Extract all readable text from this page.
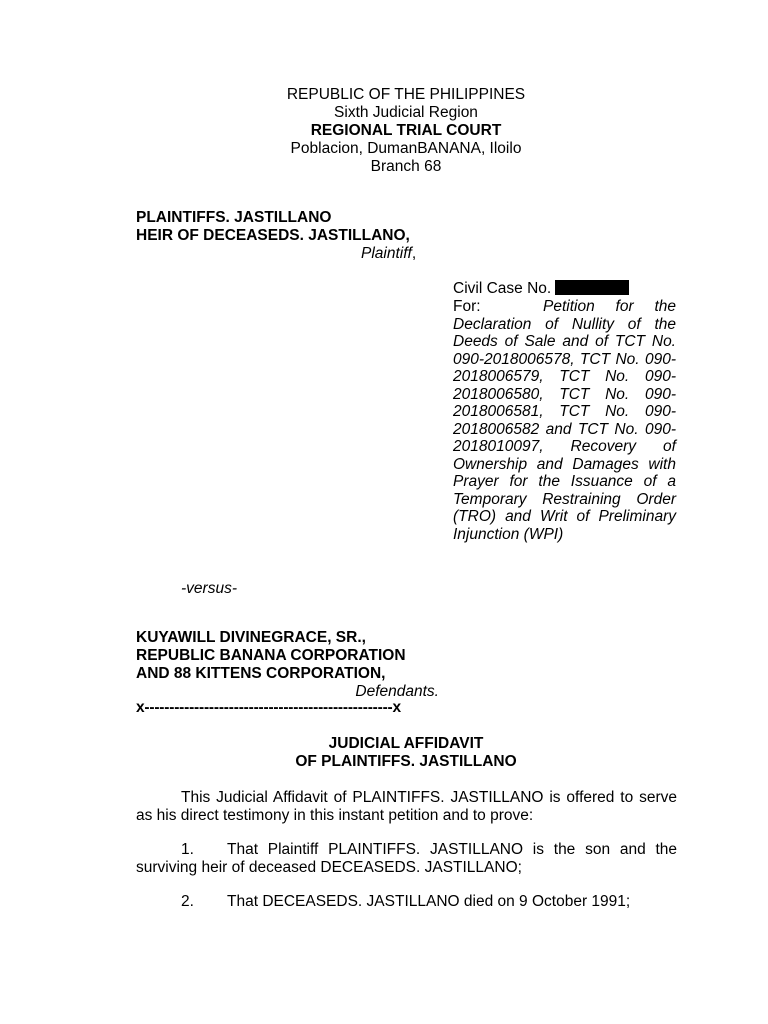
REPUBLIC OF THE PHILIPPINES
Sixth Judicial Region
REGIONAL TRIAL COURT
Poblacion, DumanBANANA, Iloilo
Branch 68
PLAINTIFFS. JASTILLANO
HEIR OF DECEASEDS. JASTILLANO,
Plaintiff,
Civil Case No.
For:	Petition for the Declaration of Nullity of the Deeds of Sale and of TCT No. 090-2018006578, TCT No. 090-2018006579, TCT No. 090-2018006580, TCT No. 090-2018006581, TCT No. 090-2018006582 and TCT No. 090-2018010097, Recovery of Ownership and Damages with Prayer for the Issuance of a Temporary Restraining Order (TRO) and Writ of Preliminary Injunction (WPI)
-versus-
KUYAWILL DIVINEGRACE, SR.,
REPUBLIC BANANA CORPORATION
AND 88 KITTENS CORPORATION,
Defendants.
x--------------------------------------------------x
JUDICIAL AFFIDAVIT
OF PLAINTIFFS. JASTILLANO
This Judicial Affidavit of PLAINTIFFS. JASTILLANO is offered to serve as his direct testimony in this instant petition and to prove:
1. That Plaintiff PLAINTIFFS. JASTILLANO is the son and the surviving heir of deceased DECEASEDS. JASTILLANO;
2. That DECEASEDS. JASTILLANO died on 9 October 1991;
